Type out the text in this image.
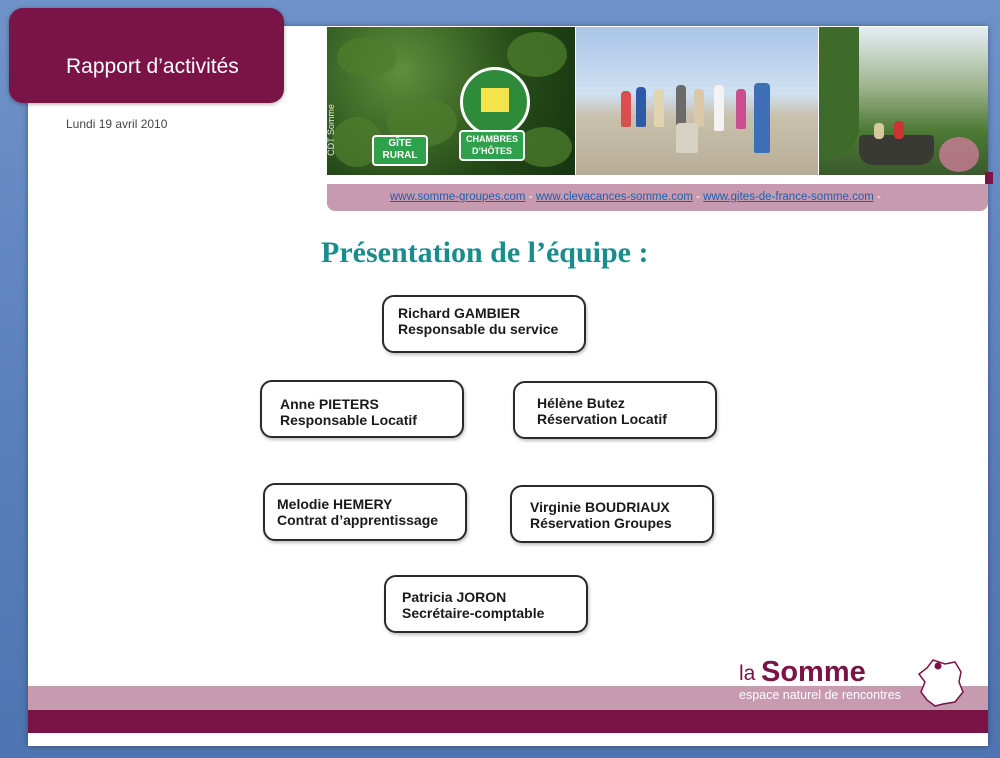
Rapport d’activités
Lundi 19 avril 2010
GÎTE RURAL
CHAMBRES D’HÔTES
CDT Somme
www.somme-groupes.com - www.clevacances-somme.com - www.gites-de-france-somme.com -
Présentation de l’équipe :
Richard GAMBIER
Responsable du service
Anne PIETERS
Responsable Locatif
Hélène Butez
Réservation Locatif
Melodie HEMERY
Contrat d’apprentissage
Virginie BOUDRIAUX
Réservation Groupes
Patricia JORON
Secrétaire-comptable
la Somme
espace naturel de rencontres
